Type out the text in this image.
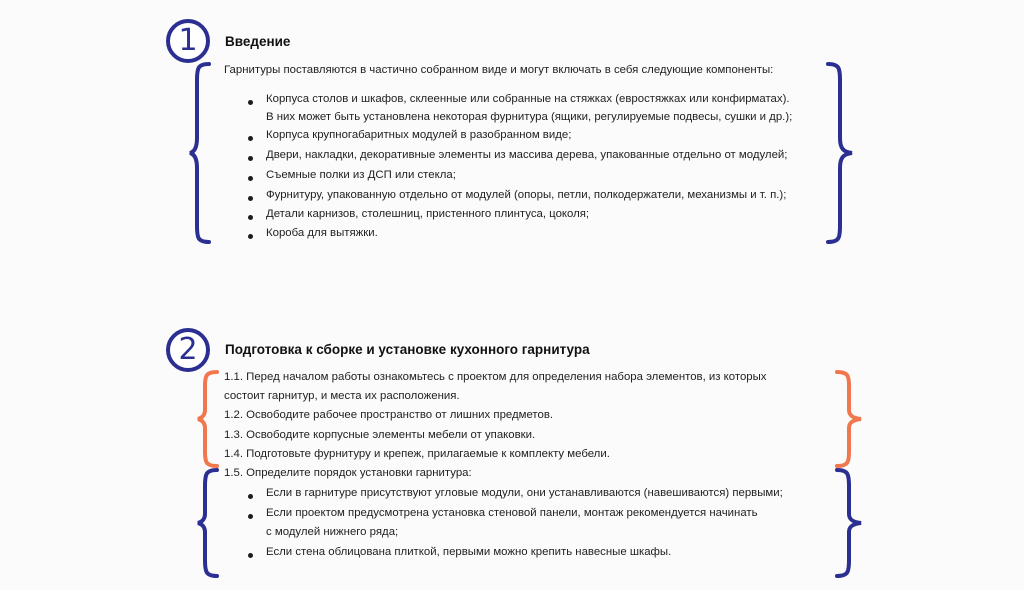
1 Введение
Гарнитуры поставляются в частично собранном виде и могут включать в себя следующие компоненты:
Корпуса столов и шкафов, склеенные или собранные на стяжках (евростяжках или конфирматах).
В них может быть установлена некоторая фурнитура (ящики, регулируемые подвесы, сушки и др.);
Корпуса крупногабаритных модулей в разобранном виде;
Двери, накладки, декоративные элементы из массива дерева, упакованные отдельно от модулей;
Съемные полки из ДСП или стекла;
Фурнитуру, упакованную отдельно от модулей (опоры, петли, полкодержатели, механизмы и т. п.);
Детали карнизов, столешниц, пристенного плинтуса, цоколя;
Короба для вытяжки.
2 Подготовка к сборке и установке кухонного гарнитура
1.1. Перед началом работы ознакомьтесь с проектом для определения набора элементов, из которых
состоит гарнитур, и места их расположения.
1.2. Освободите рабочее пространство от лишних предметов.
1.3. Освободите корпусные элементы мебели от упаковки.
1.4. Подготовьте фурнитуру и крепеж, прилагаемые к комплекту мебели.
1.5. Определите порядок установки гарнитура:
Если в гарнитуре присутствуют угловые модули, они устанавливаются (навешиваются) первыми;
Если проектом предусмотрена установка стеновой панели, монтаж рекомендуется начинать
с модулей нижнего ряда;
Если стена облицована плиткой, первыми можно крепить навесные шкафы.
